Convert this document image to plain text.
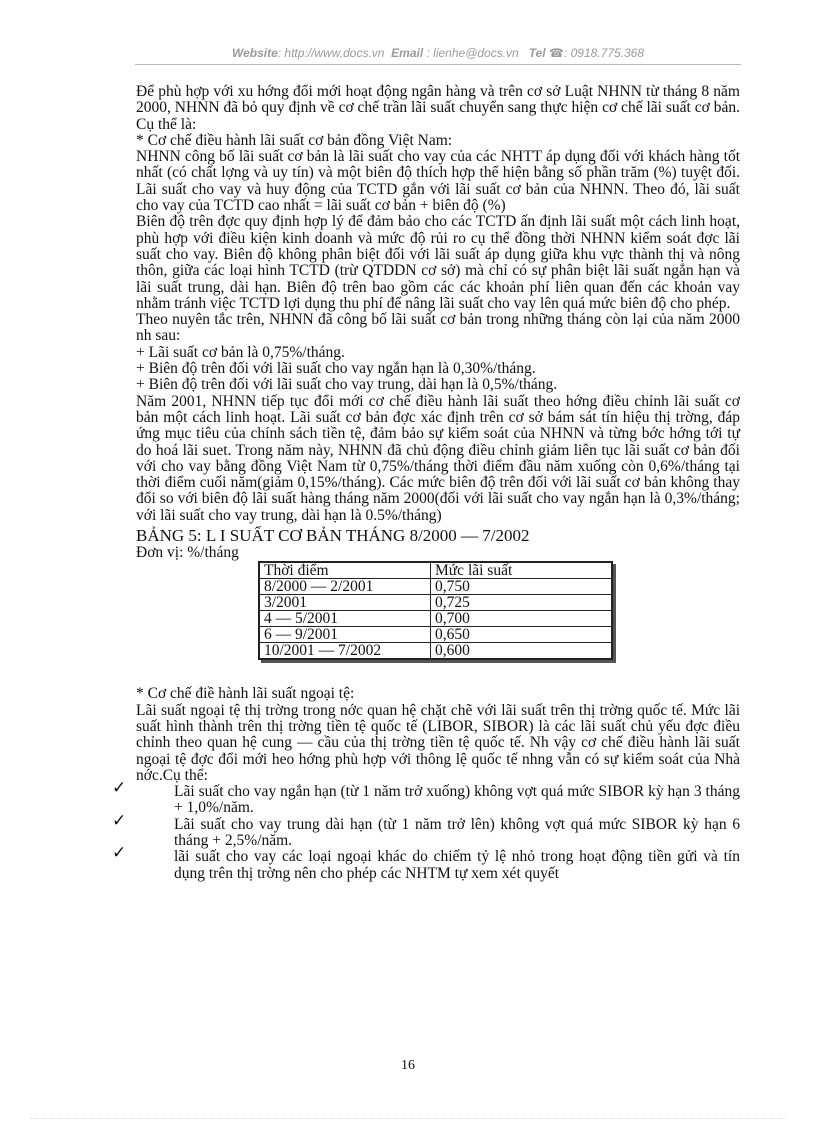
Website: http://www.docs.vn Email : lienhe@docs.vn Tel ☎: 0918.775.368

Để phù hợp với xu hớng đổi mới hoạt động ngân hàng và trên cơ sở Luật NHNN từ tháng 8 năm 2000, NHNN đã bỏ quy định về cơ chế trần lãi suất chuyển sang thực hiện cơ chế lãi suất cơ bản. Cụ thể là:

* Cơ chế điều hành lãi suất cơ bản đồng Việt Nam:

NHNN công bố lãi suất cơ bản là lãi suất cho vay của các NHTT áp dụng đối với khách hàng tốt nhất (có chất lợng và uy tín) và một biên độ thích hợp thể hiện bằng số phần trăm (%) tuyệt đối. Lãi suất cho vay và huy động của TCTD gắn với lãi suất cơ bản của NHNN. Theo đó, lãi suất cho vay của TCTD cao nhất = lãi suất cơ bản + biên độ (%)

Biên độ trên đợc quy định hợp lý để đảm bảo cho các TCTD ấn định lãi suất một cách linh hoạt, phù hợp với điều kiện kinh doanh và mức độ rủi ro cụ thể đồng thời NHNN kiểm soát đợc lãi suất cho vay. Biên độ không phân biệt đối với lãi suất áp dụng giữa khu vực thành thị và nông thôn, giữa các loại hình TCTD (trừ QTDDN cơ sở) mà chỉ có sự phân biệt lãi suất ngắn hạn và lãi suất trung, dài hạn. Biên độ trên bao gồm các các khoản phí liên quan đến các khoản vay nhằm tránh việc TCTD lợi dụng thu phí để nâng lãi suất cho vay lên quá mức biên độ cho phép.

Theo nuyên tắc trên, NHNN đã công bố lãi suất cơ bản trong những tháng còn lại của năm 2000 nh sau:

+ Lãi suất cơ bản là 0,75%/tháng.

+ Biên độ trên đối với lãi suất cho vay ngắn hạn là 0,30%/tháng.

+ Biên độ trên đối với lãi suất cho vay trung, dài hạn là 0,5%/tháng.

Năm 2001, NHNN tiếp tục đổi mới cơ chế điều hành lãi suất theo hớng điều chỉnh lãi suất cơ bản một cách linh hoạt. Lãi suất cơ bản đợc xác định trên cơ sở bám sát tín hiệu thị trờng, đáp ứng mục tiêu của chính sách tiền tệ, đảm bảo sự kiểm soát của NHNN và từng bớc hớng tới tự do hoá lãi suet. Trong năm này, NHNN đã chủ động điều chỉnh giảm liên tục lãi suất cơ bản đối với cho vay bằng đồng Việt Nam từ 0,75%/tháng thời điểm đầu năm xuống còn 0,6%/tháng tại thời điểm cuối năm(giảm 0,15%/tháng). Các mức biên độ trên đối với lãi suất cơ bản không thay đổi so với biên độ lãi suất hàng tháng năm 2000(đối với lãi suất cho vay ngắn hạn là 0,3%/tháng; với lãi suất cho vay trung, dài hạn là 0.5%/tháng)

BẢNG 5: L I SUẤT CƠ BẢN THÁNG 8/2000 — 7/2002
Đơn vị: %/tháng
Thời điểm	Mức lãi suất
8/2000 — 2/2001	0,750
3/2001	0,725
4 — 5/2001	0,700
6 — 9/2001	0,650
10/2001 — 7/2002	0,600

* Cơ chế điề hành lãi suất ngoại tệ:

Lãi suất ngoại tệ thị trờng trong nớc quan hệ chặt chẽ với lãi suất trên thị trờng quốc tế. Mức lãi suất hình thành trên thị trờng tiền tệ quốc tế (LIBOR, SIBOR) là các lãi suất chủ yếu đợc điều chỉnh theo quan hệ cung — cầu của thị trờng tiền tệ quốc tế. Nh vậy cơ chế điều hành lãi suất ngoại tệ đợc đổi mới heo hớng phù hợp với thông lệ quốc tế nhng vẫn có sự kiểm soát của Nhà nớc.Cụ thể:

✓	Lãi suất cho vay ngắn hạn (từ 1 năm trở xuống) không vợt quá mức SIBOR kỳ hạn 3 tháng + 1,0%/năm.

✓	Lãi suất cho vay trung dài hạn (từ 1 năm trở lên) không vợt quá mức SIBOR kỳ hạn 6 tháng + 2,5%/năm.

✓	lãi suất cho vay các loại ngoại khác do chiếm tỷ lệ nhỏ trong hoạt động tiền gửi và tín dụng trên thị trờng nên cho phép các NHTM tự xem xét quyết

16
